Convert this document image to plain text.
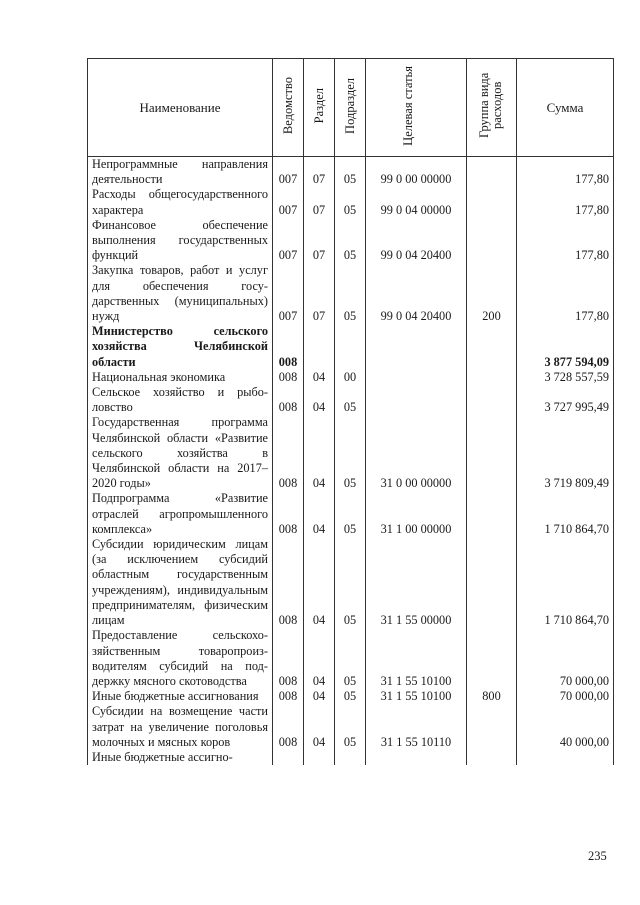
Наименование	Ведомство	Раздел	Подраздел	Целевая статья	Группа вида расходов	Сумма
Непрограммные направления деятельности	007	07	05	99 0 00 00000		177,80
Расходы общегосударственного характера	007	07	05	99 0 04 00000		177,80
Финансовое обеспечение выполнения государственных функций	007	07	05	99 0 04 20400		177,80
Закупка товаров, работ и услуг для обеспечения государственных (муниципальных) нужд	007	07	05	99 0 04 20400	200	177,80
Министерство сельского хозяйства Челябинской области	008					3 877 594,09
Национальная экономика	008	04	00			3 728 557,59
Сельское хозяйство и рыболовство	008	04	05			3 727 995,49
Государственная программа Челябинской области «Развитие сельского хозяйства в Челябинской области на 2017–2020 годы»	008	04	05	31 0 00 00000		3 719 809,49
Подпрограмма «Развитие отраслей агропромышленного комплекса»	008	04	05	31 1 00 00000		1 710 864,70
Субсидии юридическим лицам (за исключением субсидий областным государственным учреждениям), индивидуальным предпринимателям, физическим лицам	008	04	05	31 1 55 00000		1 710 864,70
Предоставление сельскохозяйственным товаропроизводителям субсидий на поддержку мясного скотоводства	008	04	05	31 1 55 10100		70 000,00
Иные бюджетные ассигнования	008	04	05	31 1 55 10100	800	70 000,00
Субсидии на возмещение части затрат на увеличение поголовья молочных и мясных коров	008	04	05	31 1 55 10110		40 000,00
Иные бюджетные ассигно-						
235
